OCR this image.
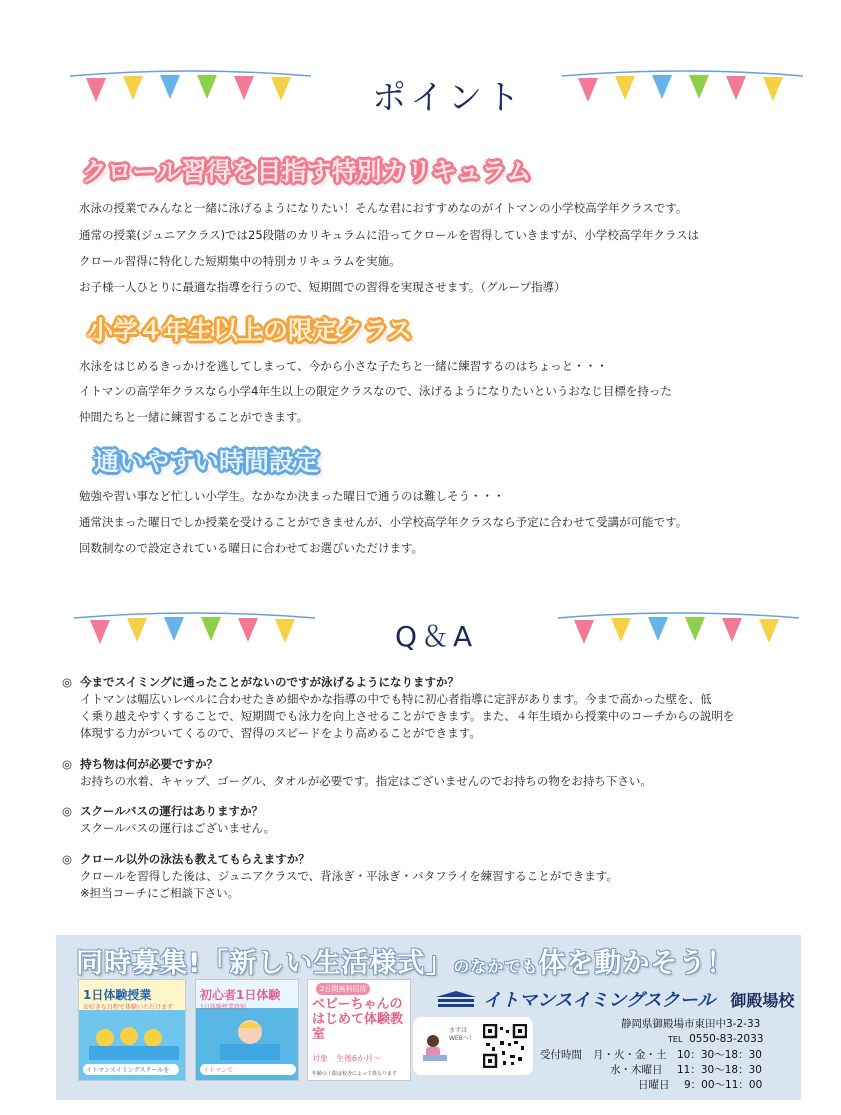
ポイント
クロール習得を目指す特別カリキュラム
水泳の授業でみんなと一緒に泳げるようになりたい！そんな君におすすめなのがイトマンの小学校高学年クラスです。
通常の授業(ジュニアクラス)では25段階のカリキュラムに沿ってクロールを習得していきますが、小学校高学年クラスは
クロール習得に特化した短期集中の特別カリキュラムを実施。
お子様一人ひとりに最適な指導を行うので、短期間での習得を実現させます。（グループ指導）
小学４年生以上の限定クラス
水泳をはじめるきっかけを逃してしまって、今から小さな子たちと一緒に練習するのはちょっと・・・
イトマンの高学年クラスなら小学4年生以上の限定クラスなので、泳げるようになりたいというおなじ目標を持った
仲間たちと一緒に練習することができます。
通いやすい時間設定
勉強や習い事など忙しい小学生。なかなか決まった曜日で通うのは難しそう・・・
通常決まった曜日でしか授業を受けることができませんが、小学校高学年クラスなら予定に合わせて受講が可能です。
回数制なので設定されている曜日に合わせてお選びいただけます。
Q＆A
◎ 今までスイミングに通ったことがないのですが泳げるようになりますか？
イトマンは幅広いレベルに合わせたきめ細やかな指導の中でも特に初心者指導に定評があります。今まで高かった壁を、低
く乗り越えやすくすることで、短期間でも泳力を向上させることができます。また、４年生頃から授業中のコーチからの説明を
体現する力がついてくるので、習得のスピードをより高めることができます。
◎ 持ち物は何が必要ですか？
お持ちの水着、キャップ、ゴーグル、タオルが必要です。指定はございませんのでお持ちの物をお持ち下さい。
◎ スクールバスの運行はありますか？
スクールバスの運行はございません。
◎ クロール以外の泳法も教えてもらえますか？
クロールを習得した後は、ジュニアクラスで、背泳ぎ・平泳ぎ・バタフライを練習することができます。
※担当コーチにご相談下さい。
同時募集!「新しい生活様式」のなかでも体を動かそう！
1日体験授業
お好きな日程で体験いただけます
イトマンスイミングスクールを
初心者1日体験
1日体験授業特別
イトマンで
2日間無料招待
ベビーちゃんのはじめて体験教室
対象　生後6か月～
年齢の上限は校舎によって異なります
まずは
WEBへ！
イトマンスイミングスクール 御殿場校
静岡県御殿場市東田中3-2-33
TEL 0550-83-2033
受付時間 月・火・金・土 10：30～18：30
水・木曜日 11：30～18：30
日曜日 9：00～11：00
